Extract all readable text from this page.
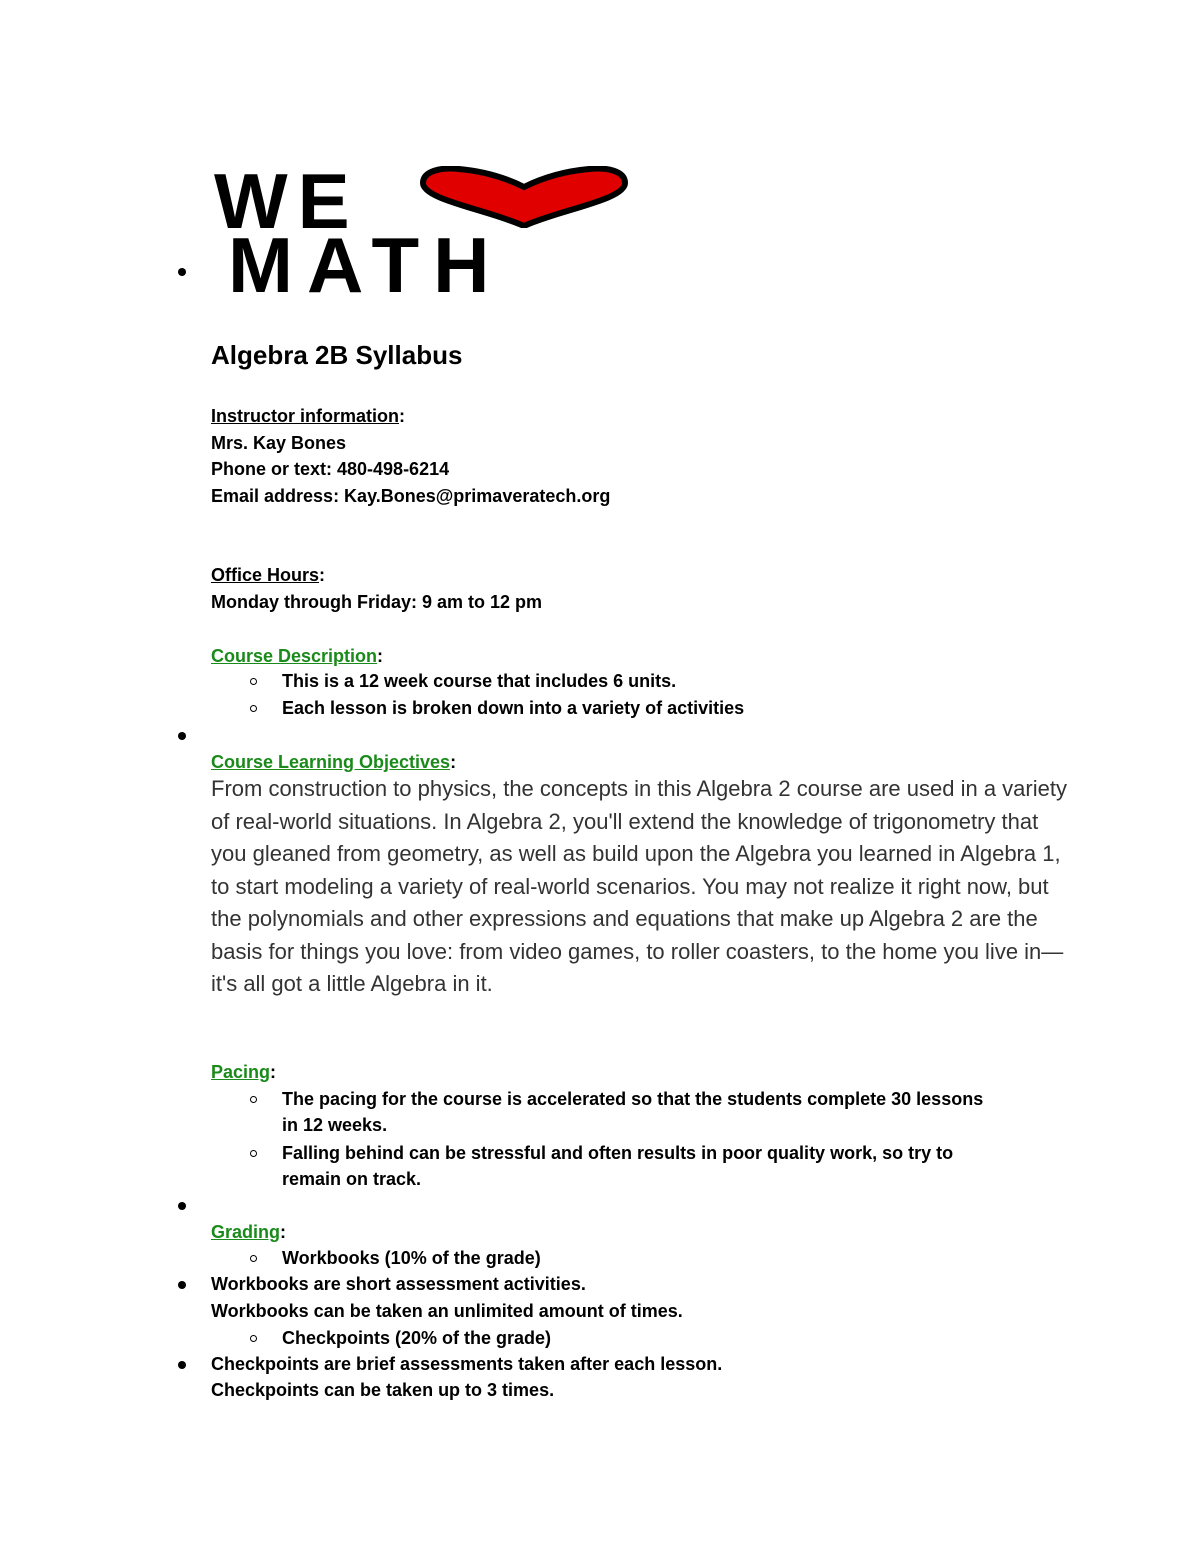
WE
MATH
Algebra 2B Syllabus
Instructor information:
Mrs. Kay Bones
Phone or text: 480-498-6214
Email address: Kay.Bones@primaveratech.org
Office Hours:
Monday through Friday: 9 am to 12 pm
Course Description:
This is a 12 week course that includes 6 units.
Each lesson is broken down into a variety of activities
Course Learning Objectives:
From construction to physics, the concepts in this Algebra 2 course are used in a variety of real-world situations. In Algebra 2, you'll extend the knowledge of trigonometry that you gleaned from geometry, as well as build upon the Algebra you learned in Algebra 1, to start modeling a variety of real-world scenarios. You may not realize it right now, but the polynomials and other expressions and equations that make up Algebra 2 are the basis for things you love: from video games, to roller coasters, to the home you live in—it's all got a little Algebra in it.
Pacing:
The pacing for the course is accelerated so that the students complete 30 lessons
in 12 weeks.
Falling behind can be stressful and often results in poor quality work, so try to
remain on track.
Grading:
Workbooks (10% of the grade)
Workbooks are short assessment activities.
Workbooks can be taken an unlimited amount of times.
Checkpoints (20% of the grade)
Checkpoints are brief assessments taken after each lesson.
Checkpoints can be taken up to 3 times.
